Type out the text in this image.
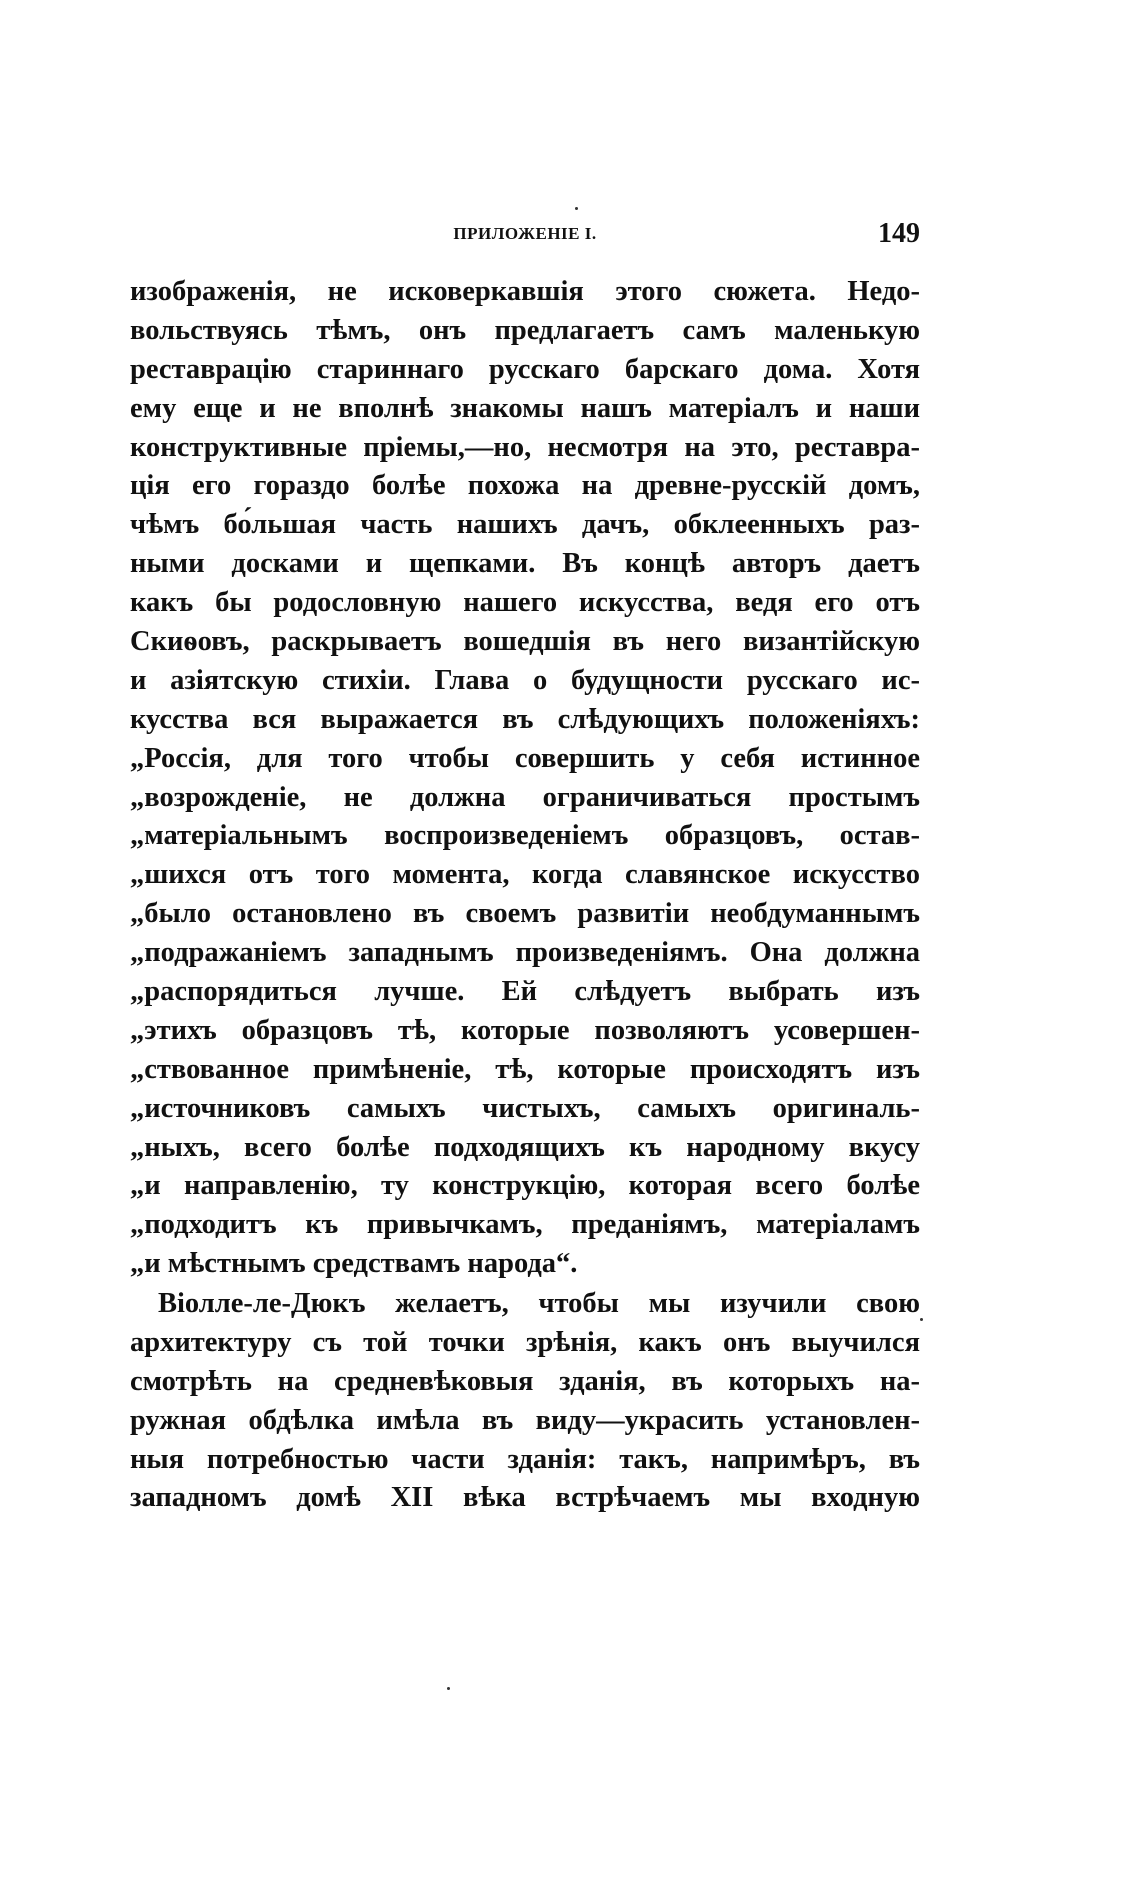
ПРИЛОЖЕНІЕ I.	149
изображенія, не исковеркавшія этого сюжета. Недо-
вольствуясь тѣмъ, онъ предлагаетъ самъ маленькую
реставрацію стариннаго русскаго барскаго дома. Хотя
ему еще и не вполнѣ знакомы нашъ матеріалъ и наши
конструктивные пріемы,—но, несмотря на это, реставра-
ція его гораздо болѣе похожа на древне-русскій домъ,
чѣмъ бо́льшая часть нашихъ дачъ, обклеенныхъ раз-
ными досками и щепками. Въ концѣ авторъ даетъ
какъ бы родословную нашего искусства, ведя его отъ
Скиѳовъ, раскрываетъ вошедшія въ него византійскую
и азіятскую стихіи. Глава о будущности русскаго ис-
кусства вся выражается въ слѣдующихъ положеніяхъ:
„Россія, для того чтобы совершить у себя истинное
„возрожденіе, не должна ограничиваться простымъ
„матеріальнымъ воспроизведеніемъ образцовъ, остав-
„шихся отъ того момента, когда славянское искусство
„было остановлено въ своемъ развитіи необдуманнымъ
„подражаніемъ западнымъ произведеніямъ. Она должна
„распорядиться лучше. Ей слѣдуетъ выбрать изъ
„этихъ образцовъ тѣ, которые позволяютъ усовершен-
„ствованное примѣненіе, тѣ, которые происходятъ изъ
„источниковъ самыхъ чистыхъ, самыхъ оригиналь-
„ныхъ, всего болѣе подходящихъ къ народному вкусу
„и направленію, ту конструкцію, которая всего болѣе
„подходитъ къ привычкамъ, преданіямъ, матеріаламъ
„и мѣстнымъ средствамъ народа“.
Віолле-ле-Дюкъ желаетъ, чтобы мы изучили свою
архитектуру съ той точки зрѣнія, какъ онъ выучился
смотрѣть на средневѣковыя зданія, въ которыхъ на-
ружная обдѣлка имѣла въ виду—украсить установлен-
ныя потребностью части зданія: такъ, напримѣръ, въ
западномъ домѣ XII вѣка встрѣчаемъ мы входную
